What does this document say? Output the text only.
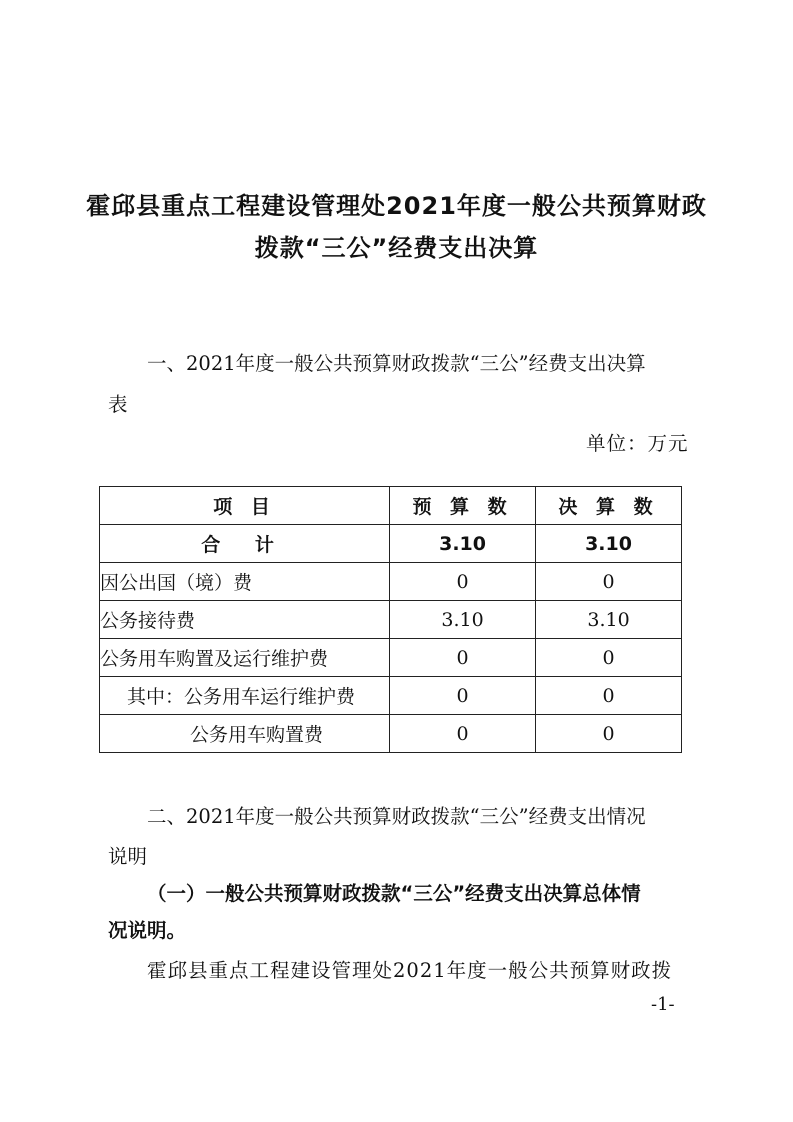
霍邱县重点工程建设管理处2021年度一般公共预算财政
拨款“三公”经费支出决算
一、2021年度一般公共预算财政拨款“三公”经费支出决算
表
单位：万元
项 目	预 算 数	决 算 数
合 计	3.10	3.10
因公出国（境）费	0	0
公务接待费	3.10	3.10
公务用车购置及运行维护费	0	0
其中：公务用车运行维护费	0	0
公务用车购置费	0	0
二、2021年度一般公共预算财政拨款“三公”经费支出情况
说明
（一）一般公共预算财政拨款“三公”经费支出决算总体情
况说明。
霍邱县重点工程建设管理处2021年度一般公共预算财政拨
-1-
